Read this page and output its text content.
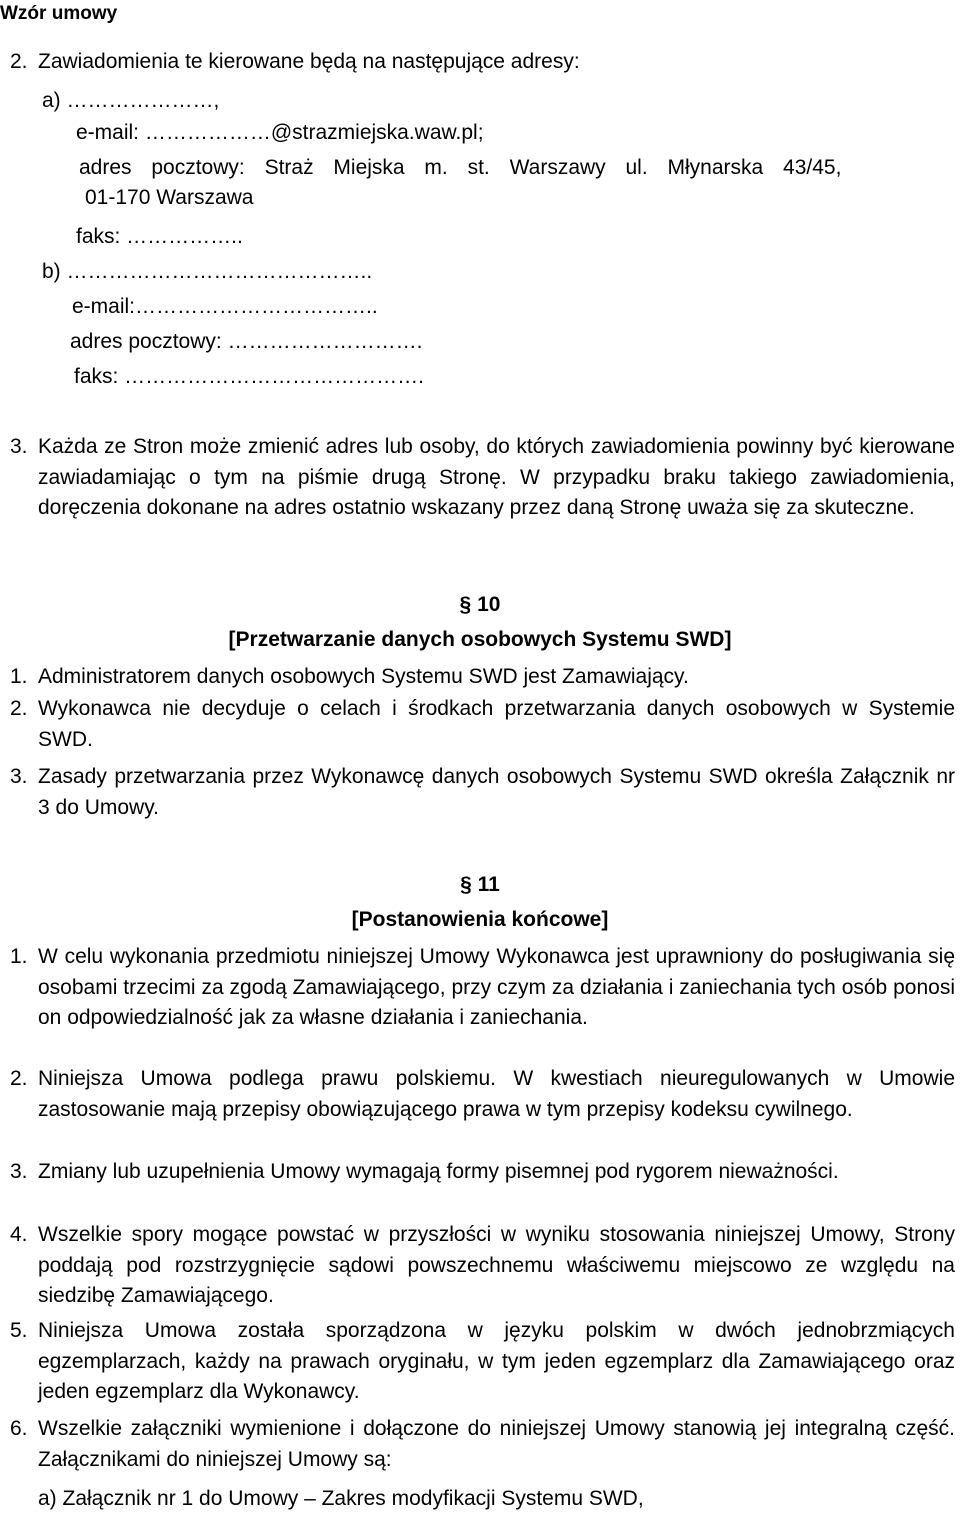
Wzór umowy
2. Zawiadomienia te kierowane będą na następujące adresy:
a) …………………,
e-mail: ………………@strazmiejska.waw.pl;
adres pocztowy: Straż Miejska m. st. Warszawy ul. Młynarska 43/45,
01-170 Warszawa
faks: ……………..
b) ……………………………………..
e-mail:……………………………..
adres pocztowy: ……………………….
faks: …………………………………….
3. Każda ze Stron może zmienić adres lub osoby, do których zawiadomienia powinny być kierowane zawiadamiając o tym na piśmie drugą Stronę. W przypadku braku takiego zawiadomienia, doręczenia dokonane na adres ostatnio wskazany przez daną Stronę uważa się za skuteczne.
§ 10
[Przetwarzanie danych osobowych Systemu SWD]
1. Administratorem danych osobowych Systemu SWD jest Zamawiający.
2. Wykonawca nie decyduje o celach i środkach przetwarzania danych osobowych w Systemie SWD.
3. Zasady przetwarzania przez Wykonawcę danych osobowych Systemu SWD określa Załącznik nr 3 do Umowy.
§ 11
[Postanowienia końcowe]
1. W celu wykonania przedmiotu niniejszej Umowy Wykonawca jest uprawniony do posługiwania się osobami trzecimi za zgodą Zamawiającego, przy czym za działania i zaniechania tych osób ponosi on odpowiedzialność jak za własne działania i zaniechania.
2. Niniejsza Umowa podlega prawu polskiemu. W kwestiach nieuregulowanych w Umowie zastosowanie mają przepisy obowiązującego prawa w tym przepisy kodeksu cywilnego.
3. Zmiany lub uzupełnienia Umowy wymagają formy pisemnej pod rygorem nieważności.
4. Wszelkie spory mogące powstać w przyszłości w wyniku stosowania niniejszej Umowy, Strony poddają pod rozstrzygnięcie sądowi powszechnemu właściwemu miejscowo ze względu na siedzibę Zamawiającego.
5. Niniejsza Umowa została sporządzona w języku polskim w dwóch jednobrzmiących egzemplarzach, każdy na prawach oryginału, w tym jeden egzemplarz dla Zamawiającego oraz jeden egzemplarz dla Wykonawcy.
6. Wszelkie załączniki wymienione i dołączone do niniejszej Umowy stanowią jej integralną część. Załącznikami do niniejszej Umowy są:
a) Załącznik nr 1 do Umowy – Zakres modyfikacji Systemu SWD,
